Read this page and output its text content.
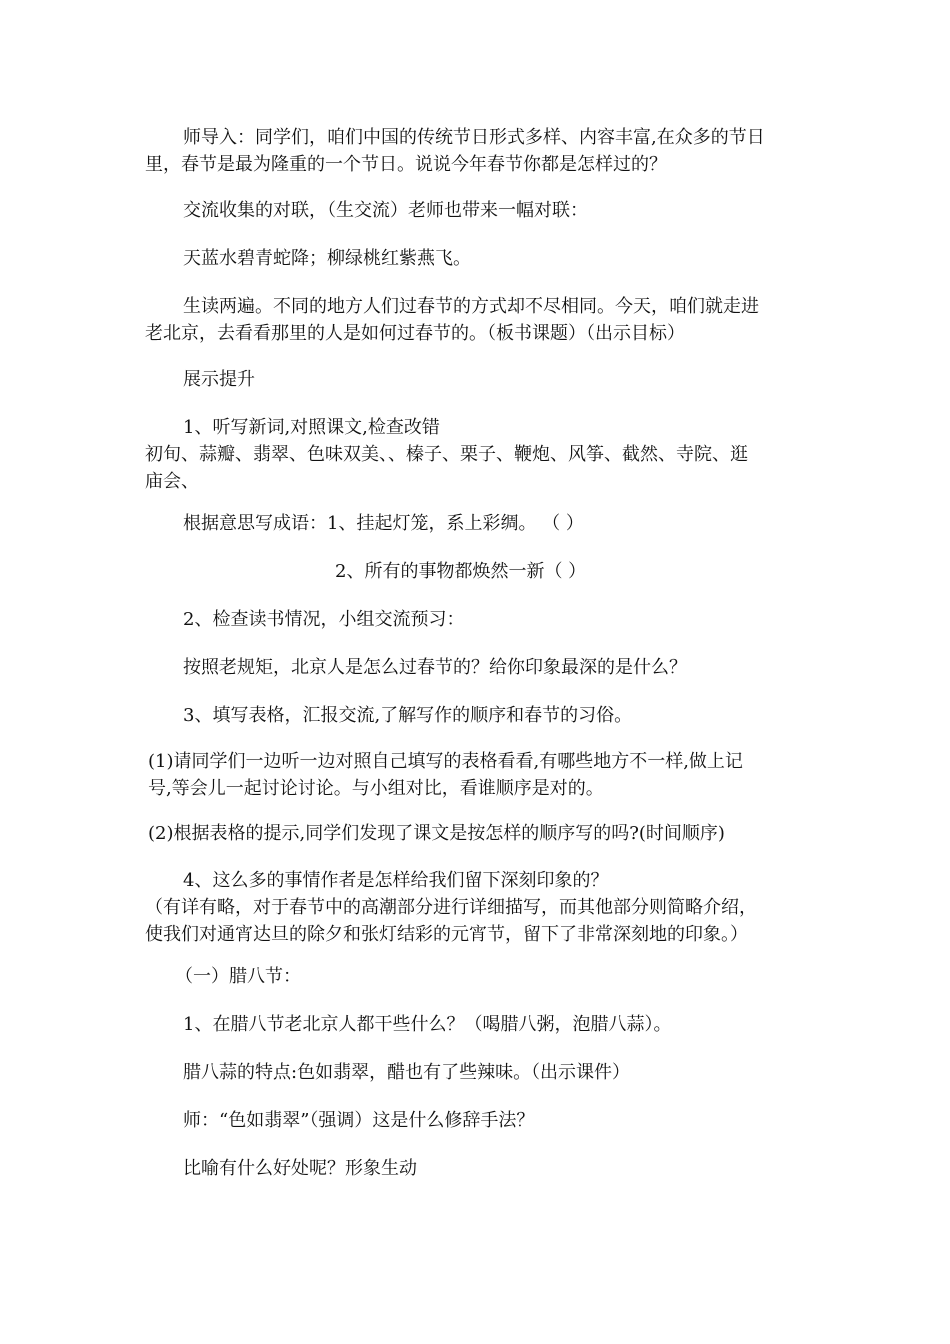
师导入：同学们，咱们中国的传统节日形式多样、内容丰富,在众多的节日
里，春节是最为隆重的一个节日。说说今年春节你都是怎样过的？
交流收集的对联，（生交流）老师也带来一幅对联：
天蓝水碧青蛇降；柳绿桃红紫燕飞。
生读两遍。不同的地方人们过春节的方式却不尽相同。今天，咱们就走进
老北京，去看看那里的人是如何过春节的。（板书课题）（出示目标）
展示提升
1、听写新词,对照课文,检查改错
初旬、蒜瓣、翡翠、色味双美、、榛子、栗子、鞭炮、风筝、截然、寺院、逛
庙会、
根据意思写成语：1、挂起灯笼，系上彩绸。 （ ）
2、所有的事物都焕然一新（ ）
2、检查读书情况，小组交流预习：
按照老规矩，北京人是怎么过春节的？给你印象最深的是什么？
3、填写表格，汇报交流,了解写作的顺序和春节的习俗。
(1)请同学们一边听一边对照自己填写的表格看看,有哪些地方不一样,做上记
号,等会儿一起讨论讨论。与小组对比，看谁顺序是对的。
(2)根据表格的提示,同学们发现了课文是按怎样的顺序写的吗?(时间顺序)
4、这么多的事情作者是怎样给我们留下深刻印象的？
（有详有略，对于春节中的高潮部分进行详细描写，而其他部分则简略介绍，
使我们对通宵达旦的除夕和张灯结彩的元宵节，留下了非常深刻地的印象。）
（一）腊八节：
1、在腊八节老北京人都干些什么？（喝腊八粥，泡腊八蒜）。
腊八蒜的特点:色如翡翠，醋也有了些辣味。（出示课件）
师：“色如翡翠”（强调）这是什么修辞手法？
比喻有什么好处呢？形象生动
